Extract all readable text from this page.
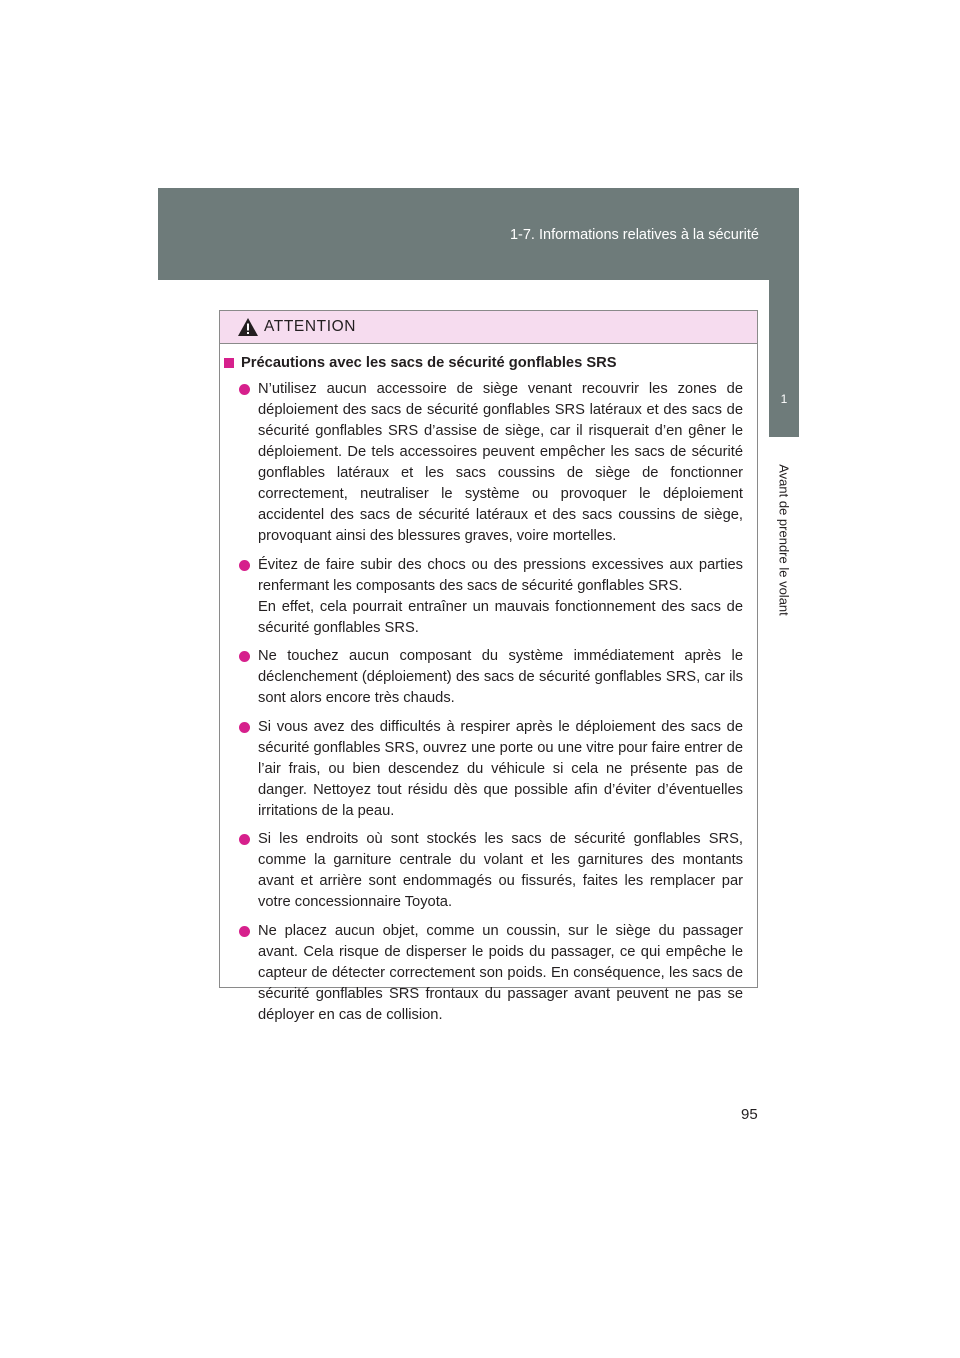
1-7. Informations relatives à la sécurité
1
Avant de prendre le volant
ATTENTION
Précautions avec les sacs de sécurité gonflables SRS

N’utilisez aucun accessoire de siège venant recouvrir les zones de déploiement des sacs de sécurité gonflables SRS latéraux et des sacs de sécurité gonflables SRS d’assise de siège, car il risquerait d’en gêner le déploiement. De tels accessoires peuvent empêcher les sacs de sécurité gonflables latéraux et les sacs coussins de siège de fonctionner correctement, neutraliser le système ou provoquer le déploiement accidentel des sacs de sécurité latéraux et des sacs coussins de siège, provoquant ainsi des blessures graves, voire mortelles.

Évitez de faire subir des chocs ou des pressions excessives aux parties renfermant les composants des sacs de sécurité gonflables SRS.

En effet, cela pourrait entraîner un mauvais fonctionnement des sacs de sécurité gonflables SRS.

Ne touchez aucun composant du système immédiatement après le déclenchement (déploiement) des sacs de sécurité gonflables SRS, car ils sont alors encore très chauds.

Si vous avez des difficultés à respirer après le déploiement des sacs de sécurité gonflables SRS, ouvrez une porte ou une vitre pour faire entrer de l’air frais, ou bien descendez du véhicule si cela ne présente pas de danger. Nettoyez tout résidu dès que possible afin d’éviter d’éventuelles irritations de la peau.

Si les endroits où sont stockés les sacs de sécurité gonflables SRS, comme la garniture centrale du volant et les garnitures des montants avant et arrière sont endommagés ou fissurés, faites les remplacer par votre concessionnaire Toyota.

Ne placez aucun objet, comme un coussin, sur le siège du passager avant. Cela risque de disperser le poids du passager, ce qui empêche le capteur de détecter correctement son poids. En conséquence, les sacs de sécurité gonflables SRS frontaux du passager avant peuvent ne pas se déployer en cas de collision.

95
